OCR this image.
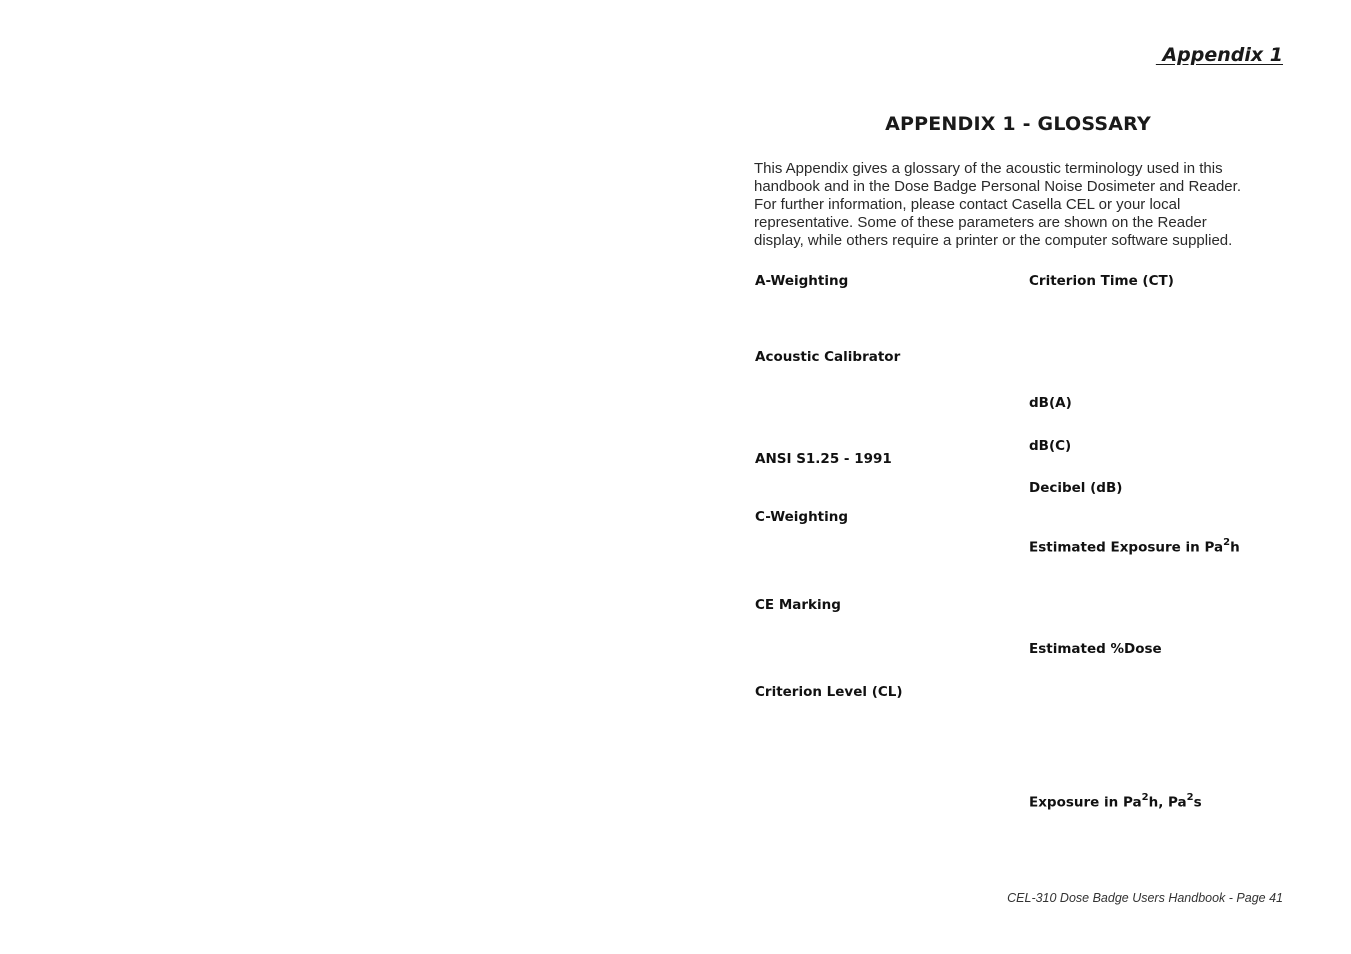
Appendix 1
APPENDIX 1 - GLOSSARY
This Appendix gives a glossary of the acoustic terminology used in this
handbook and in the Dose Badge Personal Noise Dosimeter and Reader.
For further information, please contact Casella CEL or your local
representative. Some of these parameters are shown on the Reader
display, while others require a printer or the computer software supplied.
A-Weighting
Acoustic Calibrator
ANSI S1.25 - 1991
C-Weighting
CE Marking
Criterion Level (CL)
Criterion Time (CT)
dB(A)
dB(C)
Decibel (dB)
Estimated Exposure in Pa$^2$h
Estimated %Dose
Exposure in Pa$^2$h, Pa$^2$s
CEL-310 Dose Badge Users Handbook - Page 41
